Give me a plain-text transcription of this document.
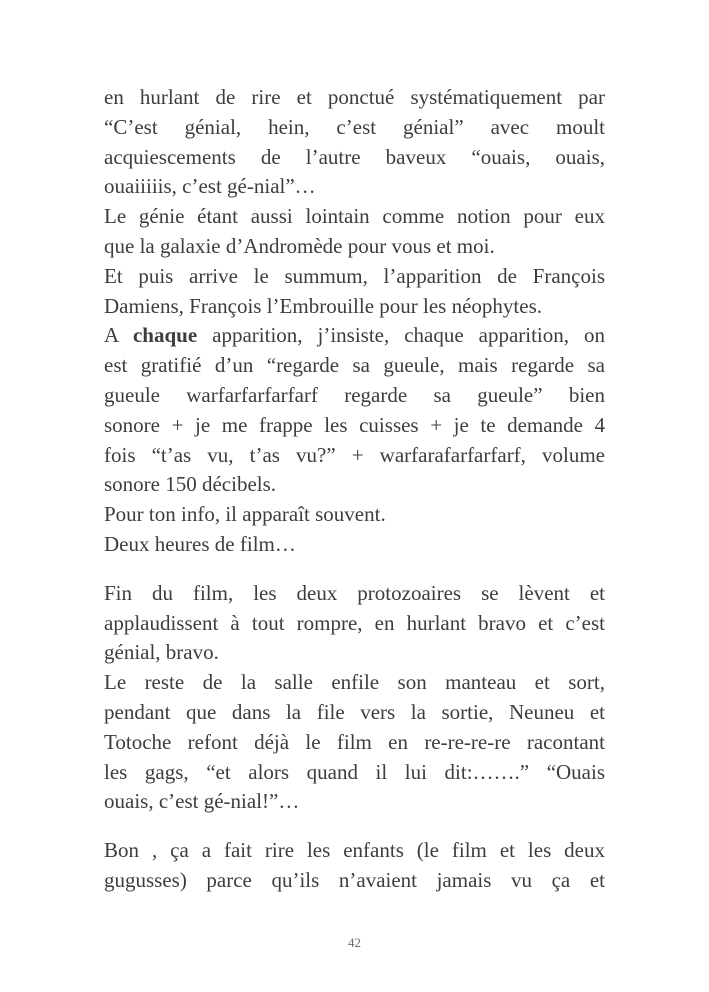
en hurlant de rire et ponctué systématiquement par
“C’est génial, hein, c’est génial” avec moult
acquiescements de l’autre baveux “ouais, ouais,
ouaiiiiis, c’est gé-nial”…

Le génie étant aussi lointain comme notion pour eux
que la galaxie d’Andromède pour vous et moi.

Et puis arrive le summum, l’apparition de François
Damiens, François l’Embrouille pour les néophytes.

A chaque apparition, j’insiste, chaque apparition, on
est gratifié d’un “regarde sa gueule, mais regarde sa
gueule warfarfarfarfarf regarde sa gueule” bien
sonore + je me frappe les cuisses + je te demande 4
fois “t’as vu, t’as vu?” + warfarafarfarfarf, volume
sonore 150 décibels.

Pour ton info, il apparaît souvent.

Deux heures de film…

Fin du film, les deux protozoaires se lèvent et
applaudissent à tout rompre, en hurlant bravo et c’est
génial, bravo.

Le reste de la salle enfile son manteau et sort,
pendant que dans la file vers la sortie, Neuneu et
Totoche refont déjà le film en re-re-re-re racontant
les gags, “et alors quand il lui dit:…….” “Ouais
ouais, c’est gé-nial!”…

Bon , ça a fait rire les enfants (le film et les deux
gugusses) parce qu’ils n’avaient jamais vu ça et

42
